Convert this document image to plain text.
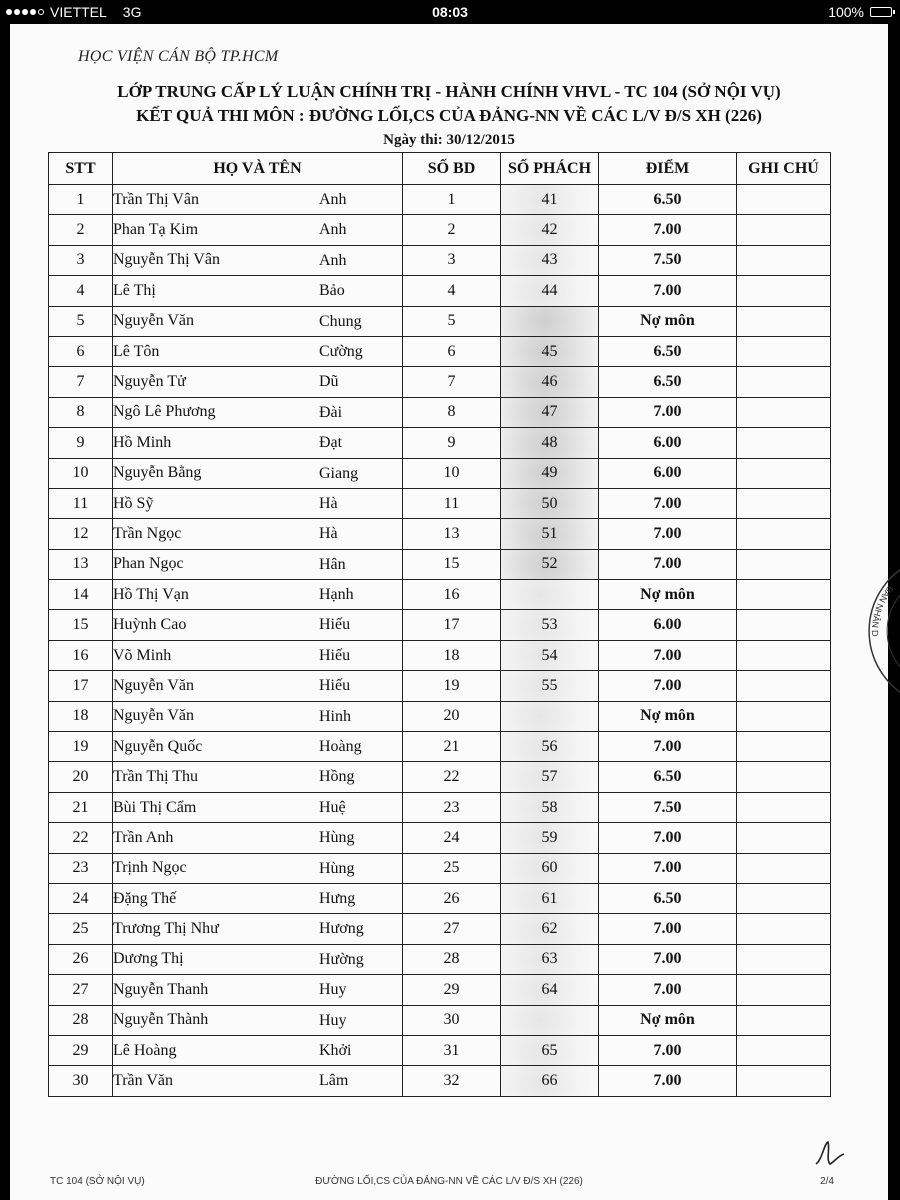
VIETTEL 3G	08:03	100%
HỌC VIỆN CÁN BỘ TP.HCM
LỚP TRUNG CẤP LÝ LUẬN CHÍNH TRỊ - HÀNH CHÍNH VHVL - TC 104 (SỞ NỘI VỤ)
KẾT QUẢ THI MÔN : ĐƯỜNG LỐI,CS CỦA ĐẢNG-NN VỀ CÁC L/V Đ/S XH (226)
Ngày thi: 30/12/2015
STT	HỌ VÀ TÊN	SỐ BD	SỐ PHÁCH	ĐIỂM	GHI CHÚ
1	Trần Thị Vân Anh	1	41	6.50	
2	Phan Tạ Kim Anh	2	42	7.00	
3	Nguyễn Thị Vân Anh	3	43	7.50	
4	Lê Thị Bảo	4	44	7.00	
5	Nguyễn Văn Chung	5		Nợ môn	
6	Lê Tôn Cường	6	45	6.50	
7	Nguyễn Tử Dũ	7	46	6.50	
8	Ngô Lê Phương Đài	8	47	7.00	
9	Hồ Minh Đạt	9	48	6.00	
10	Nguyễn Bằng Giang	10	49	6.00	
11	Hồ Sỹ Hà	11	50	7.00	
12	Trần Ngọc Hà	13	51	7.00	
13	Phan Ngọc Hân	15	52	7.00	
14	Hồ Thị Vạn Hạnh	16		Nợ môn	
15	Huỳnh Cao Hiếu	17	53	6.00	
16	Võ Minh Hiếu	18	54	7.00	
17	Nguyễn Văn Hiếu	19	55	7.00	
18	Nguyễn Văn Hinh	20		Nợ môn	
19	Nguyễn Quốc Hoàng	21	56	7.00	
20	Trần Thị Thu Hồng	22	57	6.50	
21	Bùi Thị Cẩm Huệ	23	58	7.50	
22	Trần Anh Hùng	24	59	7.00	
23	Trịnh Ngọc Hùng	25	60	7.00	
24	Đặng Thế Hưng	26	61	6.50	
25	Trương Thị Như Hương	27	62	7.00	
26	Dương Thị Hường	28	63	7.00	
27	Nguyễn Thanh Huy	29	64	7.00	
28	Nguyễn Thành Huy	30		Nợ môn	
29	Lê Hoàng Khởi	31	65	7.00	
30	Trần Văn Lâm	32	66	7.00	
BAN NHÂN D
TC 104 (SỞ NỘI VỤ)	ĐƯỜNG LỐI,CS CỦA ĐẢNG-NN VỀ CÁC L/V Đ/S XH (226)	2/4
